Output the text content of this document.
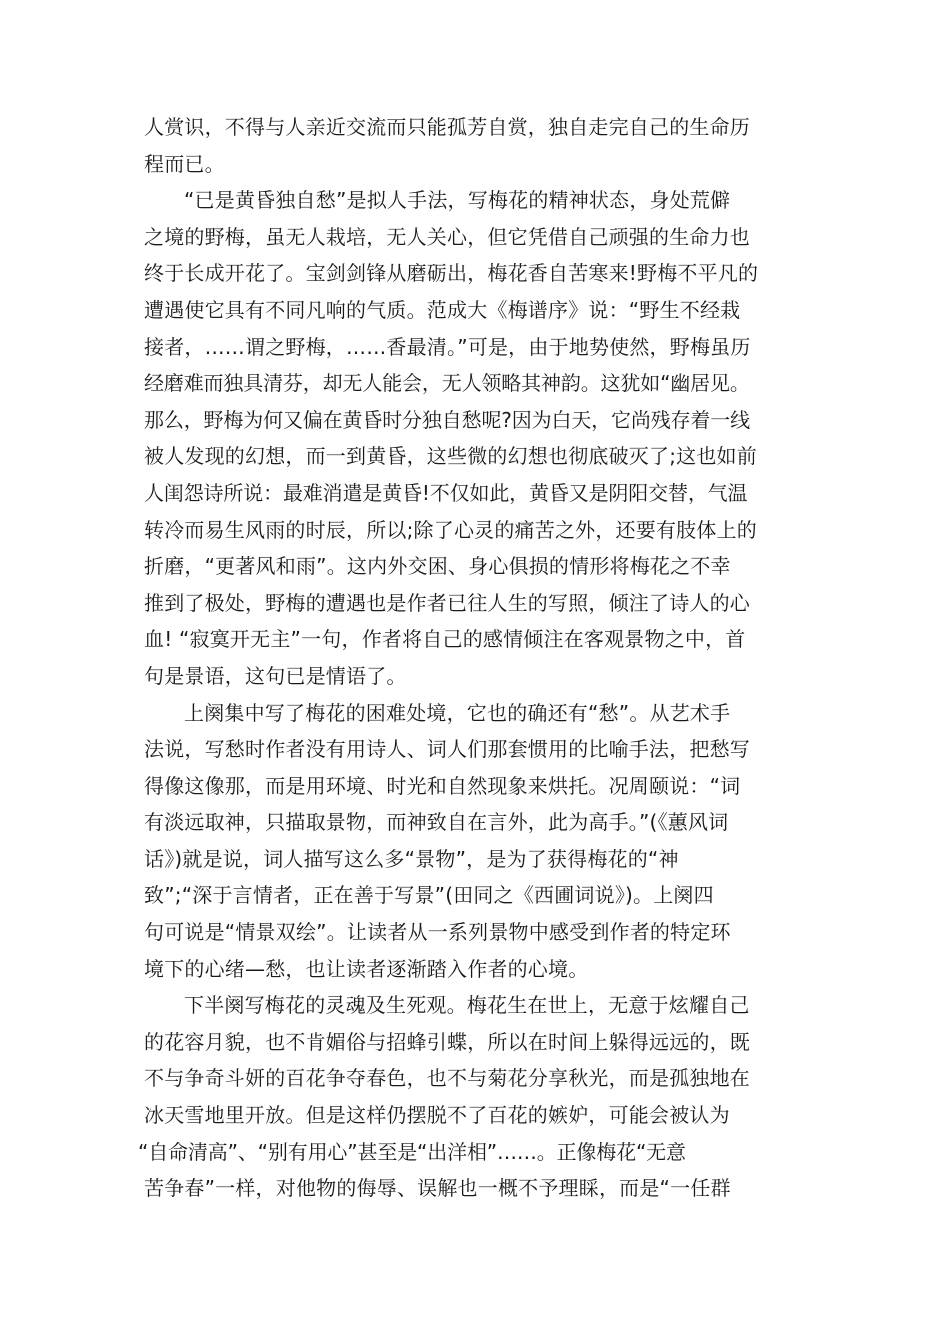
人赏识，不得与人亲近交流而只能孤芳自赏，独自走完自己的生命历
程而已。
“已是黄昏独自愁”是拟人手法，写梅花的精神状态，身处荒僻
之境的野梅，虽无人栽培，无人关心，但它凭借自己顽强的生命力也
终于长成开花了。宝剑剑锋从磨砺出，梅花香自苦寒来!野梅不平凡的
遭遇使它具有不同凡响的气质。范成大《梅谱序》说：“野生不经栽
接者，……谓之野梅，……香最清。”可是，由于地势使然，野梅虽历
经磨难而独具清芬，却无人能会，无人领略其神韵。这犹如“幽居见。
那么，野梅为何又偏在黄昏时分独自愁呢?因为白天，它尚残存着一线
被人发现的幻想，而一到黄昏，这些微的幻想也彻底破灭了;这也如前
人闺怨诗所说：最难消遣是黄昏!不仅如此，黄昏又是阴阳交替，气温
转冷而易生风雨的时辰，所以;除了心灵的痛苦之外，还要有肢体上的
折磨，“更著风和雨”。这内外交困、身心俱损的情形将梅花之不幸
推到了极处，野梅的遭遇也是作者已往人生的写照，倾注了诗人的心
血! “寂寞开无主”一句，作者将自己的感情倾注在客观景物之中，首
句是景语，这句已是情语了。
上阕集中写了梅花的困难处境，它也的确还有“愁”。从艺术手
法说，写愁时作者没有用诗人、词人们那套惯用的比喻手法，把愁写
得像这像那，而是用环境、时光和自然现象来烘托。况周颐说：“词
有淡远取神，只描取景物，而神致自在言外，此为高手。”(《蕙风词
话》)就是说，词人描写这么多“景物”，是为了获得梅花的“神
致”;“深于言情者，正在善于写景”(田同之《西圃词说》)。上阕四
句可说是“情景双绘”。让读者从一系列景物中感受到作者的特定环
境下的心绪—愁，也让读者逐渐踏入作者的心境。
下半阕写梅花的灵魂及生死观。梅花生在世上，无意于炫耀自己
的花容月貌，也不肯媚俗与招蜂引蝶，所以在时间上躲得远远的，既
不与争奇斗妍的百花争夺春色，也不与菊花分享秋光，而是孤独地在
冰天雪地里开放。但是这样仍摆脱不了百花的嫉妒，可能会被认为
“自命清高”、“别有用心”甚至是“出洋相”……。正像梅花“无意
苦争春”一样，对他物的侮辱、误解也一概不予理睬，而是“一任群
